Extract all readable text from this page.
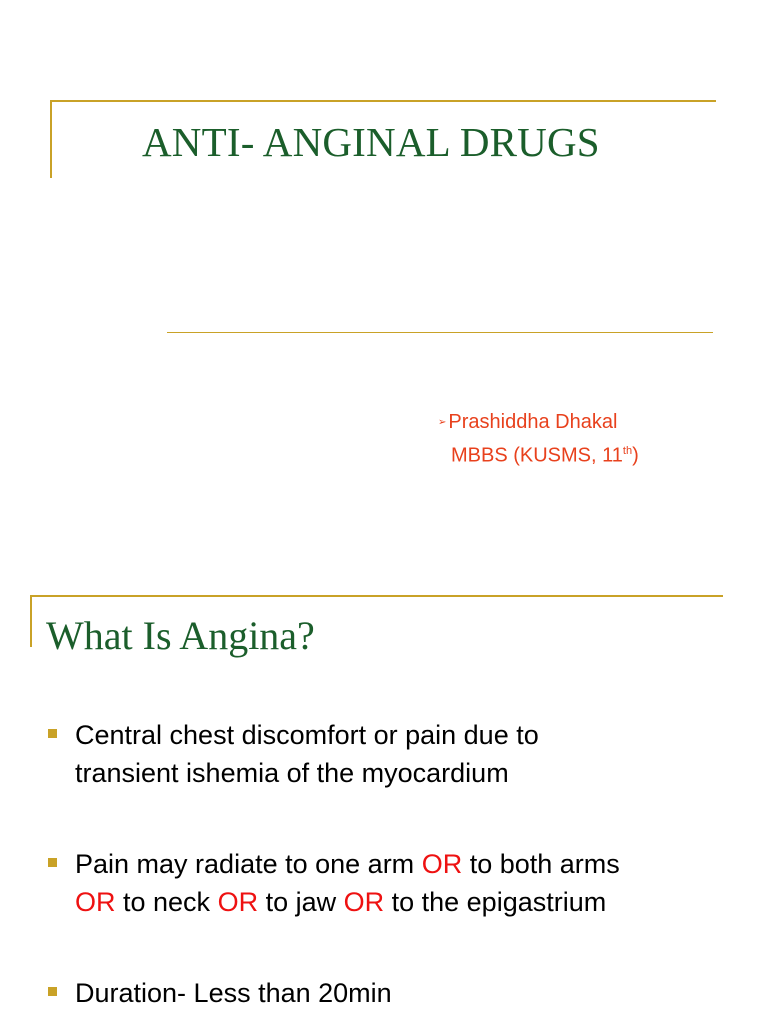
ANTI- ANGINAL DRUGS
➢ Prashiddha Dhakal
MBBS (KUSMS, 11th)
What Is Angina?
Central chest discomfort or pain due to
transient ishemia of the myocardium
Pain may radiate to one arm OR to both arms
OR to neck OR to jaw OR to the epigastrium
Duration- Less than 20min
